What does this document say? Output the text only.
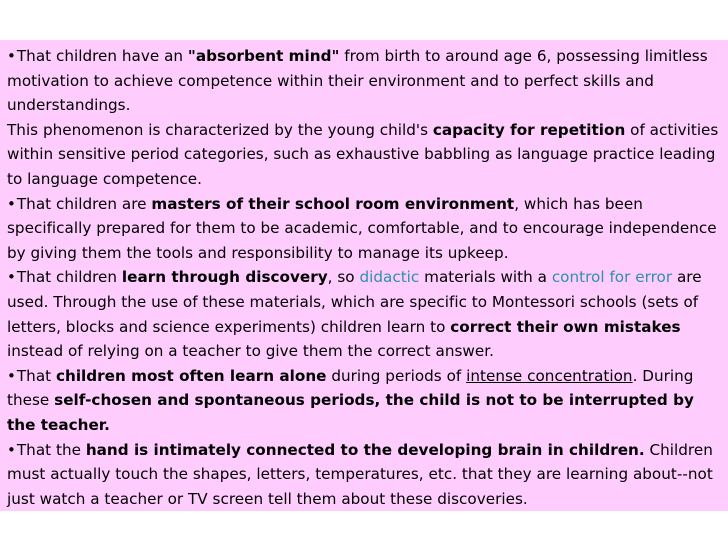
•That children have an "absorbent mind" from birth to around age 6, possessing limitless motivation to achieve competence within their environment and to perfect skills and understandings.

This phenomenon is characterized by the young child's capacity for repetition of activities within sensitive period categories, such as exhaustive babbling as language practice leading to language competence.

•That children are masters of their school room environment, which has been specifically prepared for them to be academic, comfortable, and to encourage independence by giving them the tools and responsibility to manage its upkeep.

•That children learn through discovery, so didactic materials with a control for error are used. Through the use of these materials, which are specific to Montessori schools (sets of letters, blocks and science experiments) children learn to correct their own mistakes instead of relying on a teacher to give them the correct answer.

•That children most often learn alone during periods of intense concentration. During these self-chosen and spontaneous periods, the child is not to be interrupted by the teacher.

•That the hand is intimately connected to the developing brain in children. Children must actually touch the shapes, letters, temperatures, etc. that they are learning about--not just watch a teacher or TV screen tell them about these discoveries.
